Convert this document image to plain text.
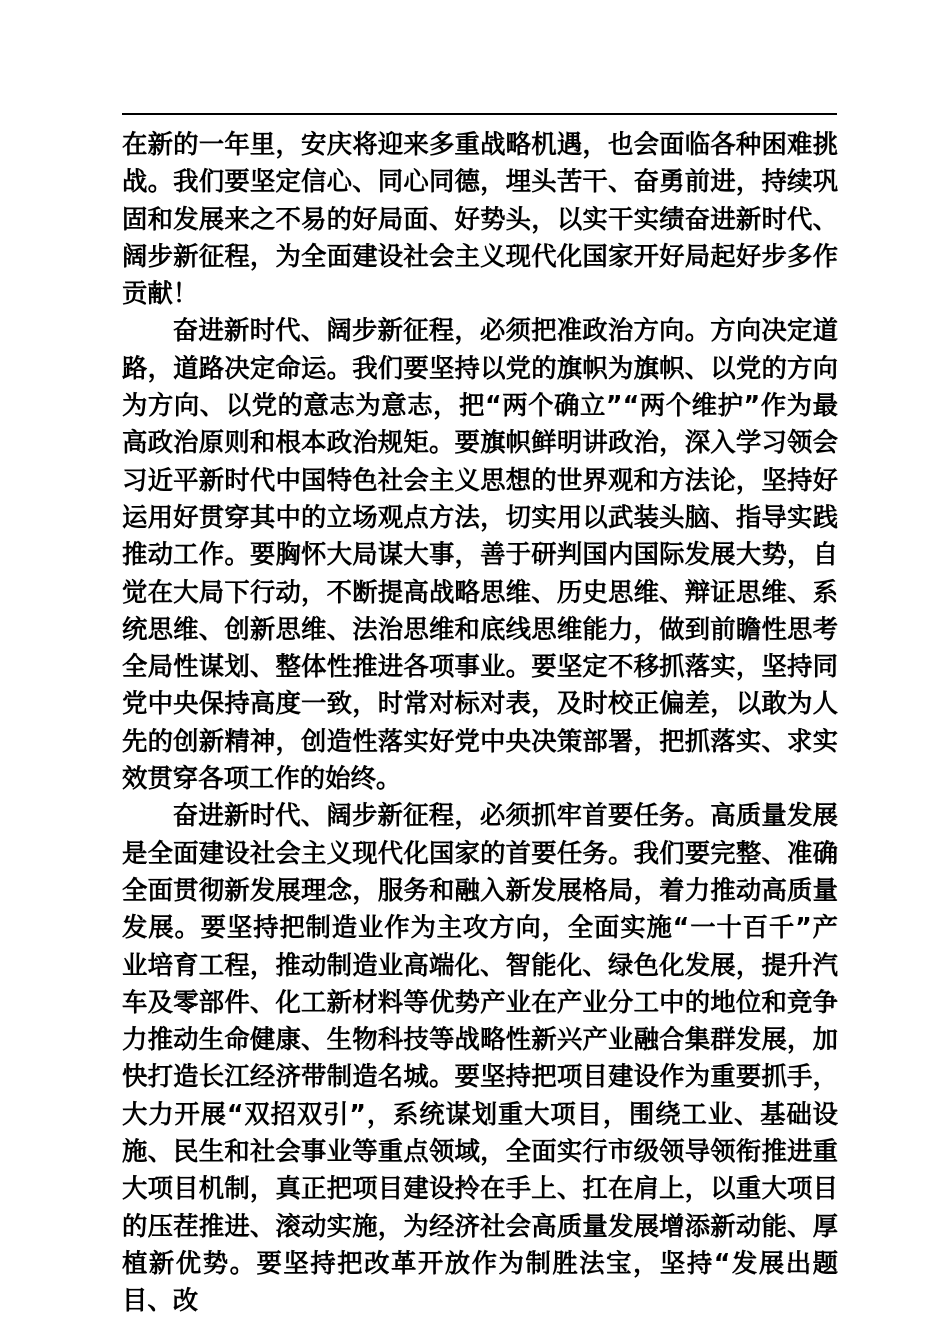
在新的一年里，安庆将迎来多重战略机遇，也会面临各种困难挑战。我们要坚定信心、同心同德，埋头苦干、奋勇前进，持续巩固和发展来之不易的好局面、好势头，以实干实绩奋进新时代、阔步新征程，为全面建设社会主义现代化国家开好局起好步多作贡献！

奋进新时代、阔步新征程，必须把准政治方向。方向决定道路，道路决定命运。我们要坚持以党的旗帜为旗帜、以党的方向为方向、以党的意志为意志，把“两个确立”“两个维护”作为最高政治原则和根本政治规矩。要旗帜鲜明讲政治，深入学习领会习近平新时代中国特色社会主义思想的世界观和方法论，坚持好运用好贯穿其中的立场观点方法，切实用以武装头脑、指导实践推动工作。要胸怀大局谋大事，善于研判国内国际发展大势，自觉在大局下行动，不断提高战略思维、历史思维、辩证思维、系统思维、创新思维、法治思维和底线思维能力，做到前瞻性思考全局性谋划、整体性推进各项事业。要坚定不移抓落实，坚持同党中央保持高度一致，时常对标对表，及时校正偏差，以敢为人先的创新精神，创造性落实好党中央决策部署，把抓落实、求实效贯穿各项工作的始终。

奋进新时代、阔步新征程，必须抓牢首要任务。高质量发展是全面建设社会主义现代化国家的首要任务。我们要完整、准确全面贯彻新发展理念，服务和融入新发展格局，着力推动高质量发展。要坚持把制造业作为主攻方向，全面实施“一十百千”产业培育工程，推动制造业高端化、智能化、绿色化发展，提升汽车及零部件、化工新材料等优势产业在产业分工中的地位和竞争力推动生命健康、生物科技等战略性新兴产业融合集群发展，加快打造长江经济带制造名城。要坚持把项目建设作为重要抓手，大力开展“双招双引”，系统谋划重大项目，围绕工业、基础设施、民生和社会事业等重点领域，全面实行市级领导领衔推进重大项目机制，真正把项目建设拎在手上、扛在肩上，以重大项目的压茬推进、滚动实施，为经济社会高质量发展增添新动能、厚植新优势。要坚持把改革开放作为制胜法宝，坚持“发展出题目、改
